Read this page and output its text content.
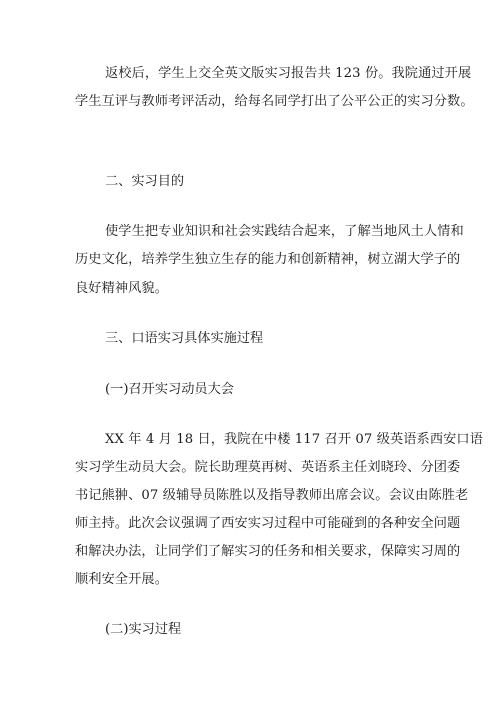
返校后，学生上交全英文版实习报告共 123 份。我院通过开展
学生互评与教师考评活动，给每名同学打出了公平公正的实习分数。
二、实习目的
使学生把专业知识和社会实践结合起来，了解当地风土人情和
历史文化，培养学生独立生存的能力和创新精神，树立湖大学子的
良好精神风貌。
三、口语实习具体实施过程
(一)召开实习动员大会
XX 年 4 月 18 日，我院在中楼 117 召开 07 级英语系西安口语
实习学生动员大会。院长助理莫再树、英语系主任刘晓玲、分团委
书记熊翀、07 级辅导员陈胜以及指导教师出席会议。会议由陈胜老
师主持。此次会议强调了西安实习过程中可能碰到的各种安全问题
和解决办法，让同学们了解实习的任务和相关要求，保障实习周的
顺利安全开展。
(二)实习过程
